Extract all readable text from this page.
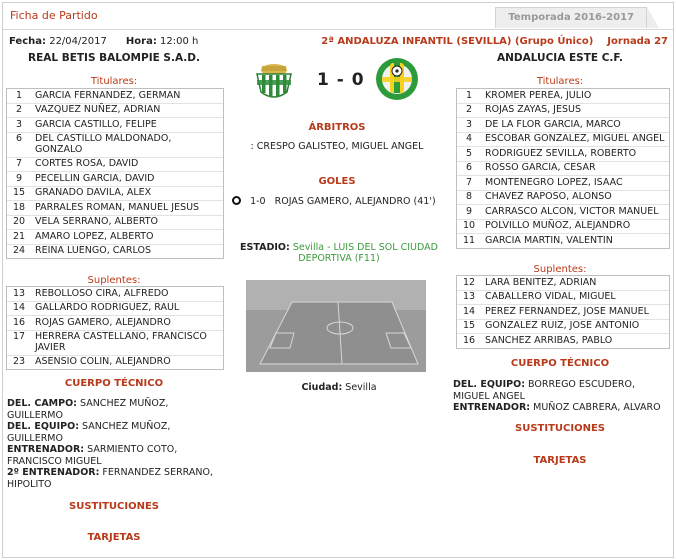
Ficha de Partido	Temporada 2016-2017
Fecha: 22/04/2017 Hora: 12:00 h	2ª ANDALUZA INFANTIL (SEVILLA) (Grupo Único) Jornada 27
REAL BETIS BALOMPIE S.A.D.	ANDALUCIA ESTE C.F.
1 - 0
Titulares:
1	GARCIA FERNANDEZ, GERMAN
2	VAZQUEZ NUÑEZ, ADRIAN
3	GARCIA CASTILLO, FELIPE
6	DEL CASTILLO MALDONADO, GONZALO
7	CORTES ROSA, DAVID
9	PECELLIN GARCIA, DAVID
15	GRANADO DAVILA, ALEX
18	PARRALES ROMAN, MANUEL JESUS
20	VELA SERRANO, ALBERTO
21	AMARO LOPEZ, ALBERTO
24	REINA LUENGO, CARLOS
Suplentes:
13	REBOLLOSO CIRA, ALFREDO
14	GALLARDO RODRIGUEZ, RAUL
16	ROJAS GAMERO, ALEJANDRO
17	HERRERA CASTELLANO, FRANCISCO JAVIER
23	ASENSIO COLIN, ALEJANDRO
CUERPO TÉCNICO
DEL. CAMPO: SANCHEZ MUÑOZ, GUILLERMO
DEL. EQUIPO: SANCHEZ MUÑOZ, GUILLERMO
ENTRENADOR: SARMIENTO COTO, FRANCISCO MIGUEL
2º ENTRENADOR: FERNANDEZ SERRANO, HIPOLITO
SUSTITUCIONES
TARJETAS
Titulares:
1	KROMER PEREA, JULIO
2	ROJAS ZAYAS, JESUS
3	DE LA FLOR GARCIA, MARCO
4	ESCOBAR GONZALEZ, MIGUEL ANGEL
5	RODRIGUEZ SEVILLA, ROBERTO
6	ROSSO GARCIA, CESAR
7	MONTENEGRO LOPEZ, ISAAC
8	CHAVEZ RAPOSO, ALONSO
9	CARRASCO ALCON, VICTOR MANUEL
10	POLVILLO MUÑOZ, ALEJANDRO
11	GARCIA MARTIN, VALENTIN
Suplentes:
12	LARA BENITEZ, ADRIAN
13	CABALLERO VIDAL, MIGUEL
14	PEREZ FERNANDEZ, JOSE MANUEL
15	GONZALEZ RUIZ, JOSE ANTONIO
16	SANCHEZ ARRIBAS, PABLO
CUERPO TÉCNICO
DEL. EQUIPO: BORREGO ESCUDERO, MIGUEL ANGEL
ENTRENADOR: MUÑOZ CABRERA, ALVARO
SUSTITUCIONES
TARJETAS
ÁRBITROS
: CRESPO GALISTEO, MIGUEL ANGEL
GOLES
1-0 ROJAS GAMERO, ALEJANDRO (41')
ESTADIO: Sevilla - LUIS DEL SOL CIUDAD DEPORTIVA (F11)
Ciudad: Sevilla
